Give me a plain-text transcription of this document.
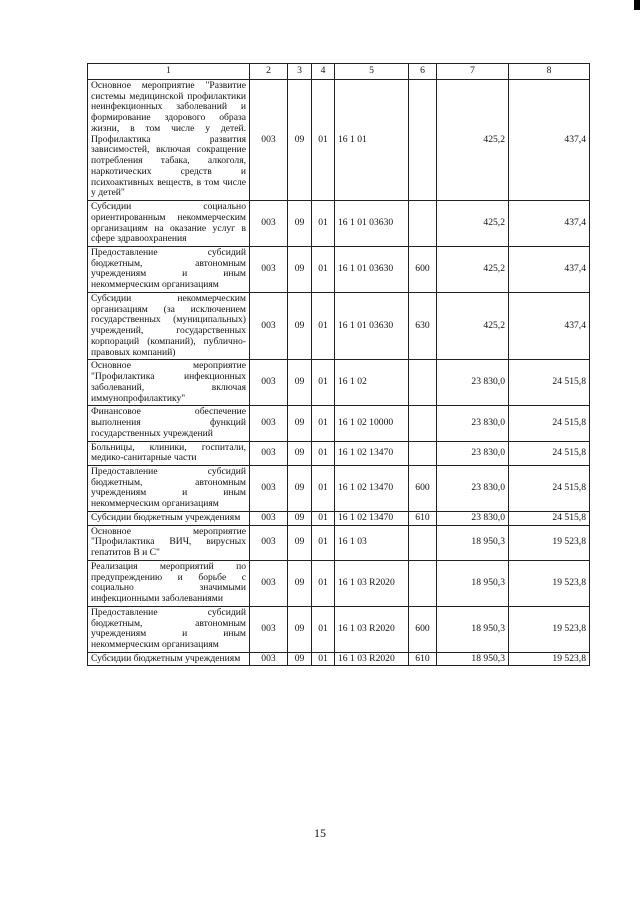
1	2	3	4	5	6	7	8
Основное мероприятие "Развитие системы медицинской профилактики неинфекционных заболеваний и формирование здорового образа жизни, в том числе у детей. Профилактика развития зависимостей, включая сокращение потребления табака, алкоголя, наркотических средств и психоактивных веществ, в том числе у детей"	003	09	01	16 1 01		425,2	437,4
Субсидии социально ориентированным некоммерческим организациям на оказание услуг в сфере здравоохранения	003	09	01	16 1 01 03630		425,2	437,4
Предоставление субсидий бюджетным, автономным учреждениям и иным некоммерческим организациям	003	09	01	16 1 01 03630	600	425,2	437,4
Субсидии некоммерческим организациям (за исключением государственных (муниципальных) учреждений, государственных корпораций (компаний), публично-правовых компаний)	003	09	01	16 1 01 03630	630	425,2	437,4
Основное мероприятие "Профилактика инфекционных заболеваний, включая иммунопрофилактику"	003	09	01	16 1 02		23 830,0	24 515,8
Финансовое обеспечение выполнения функций государственных учреждений	003	09	01	16 1 02 10000		23 830,0	24 515,8
Больницы, клиники, госпитали, медико-санитарные части	003	09	01	16 1 02 13470		23 830,0	24 515,8
Предоставление субсидий бюджетным, автономным учреждениям и иным некоммерческим организациям	003	09	01	16 1 02 13470	600	23 830,0	24 515,8
Субсидии бюджетным учреждениям	003	09	01	16 1 02 13470	610	23 830,0	24 515,8
Основное мероприятие "Профилактика ВИЧ, вирусных гепатитов В и С"	003	09	01	16 1 03		18 950,3	19 523,8
Реализация мероприятий по предупреждению и борьбе с социально значимыми инфекционными заболеваниями	003	09	01	16 1 03 R2020		18 950,3	19 523,8
Предоставление субсидий бюджетным, автономным учреждениям и иным некоммерческим организациям	003	09	01	16 1 03 R2020	600	18 950,3	19 523,8
Субсидии бюджетным учреждениям	003	09	01	16 1 03 R2020	610	18 950,3	19 523,8
15
